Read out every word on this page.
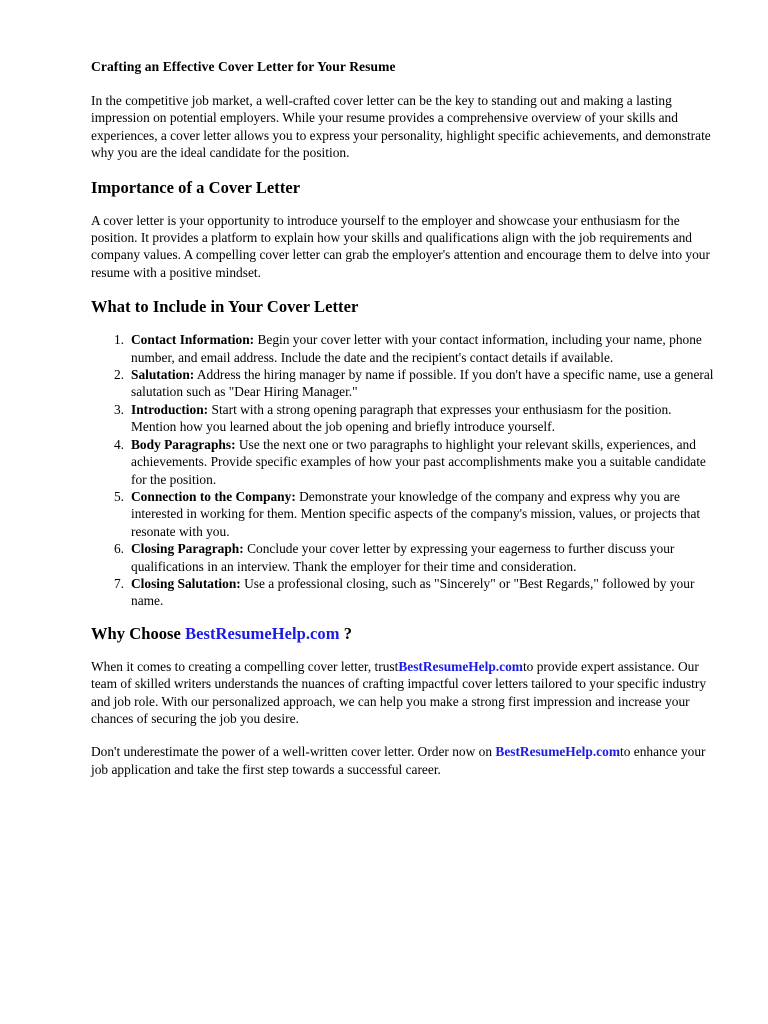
Crafting an Effective Cover Letter for Your Resume

In the competitive job market, a well-crafted cover letter can be the key to standing out and making a lasting impression on potential employers. While your resume provides a comprehensive overview of your skills and experiences, a cover letter allows you to express your personality, highlight specific achievements, and demonstrate why you are the ideal candidate for the position.

Importance of a Cover Letter

A cover letter is your opportunity to introduce yourself to the employer and showcase your enthusiasm for the position. It provides a platform to explain how your skills and qualifications align with the job requirements and company values. A compelling cover letter can grab the employer's attention and encourage them to delve into your resume with a positive mindset.

What to Include in Your Cover Letter
1. Contact Information: Begin your cover letter with your contact information, including your name, phone number, and email address. Include the date and the recipient's contact details if available.
2. Salutation: Address the hiring manager by name if possible. If you don't have a specific name, use a general salutation such as "Dear Hiring Manager."
3. Introduction: Start with a strong opening paragraph that expresses your enthusiasm for the position. Mention how you learned about the job opening and briefly introduce yourself.
4. Body Paragraphs: Use the next one or two paragraphs to highlight your relevant skills, experiences, and achievements. Provide specific examples of how your past accomplishments make you a suitable candidate for the position.
5. Connection to the Company: Demonstrate your knowledge of the company and express why you are interested in working for them. Mention specific aspects of the company's mission, values, or projects that resonate with you.
6. Closing Paragraph: Conclude your cover letter by expressing your eagerness to further discuss your qualifications in an interview. Thank the employer for their time and consideration.
7. Closing Salutation: Use a professional closing, such as "Sincerely" or "Best Regards," followed by your name.
Why Choose BestResumeHelp.com ?

When it comes to creating a compelling cover letter, trustBestResumeHelp.comto provide expert assistance. Our team of skilled writers understands the nuances of crafting impactful cover letters tailored to your specific industry and job role. With our personalized approach, we can help you make a strong first impression and increase your chances of securing the job you desire.

Don't underestimate the power of a well-written cover letter. Order now on BestResumeHelp.comto enhance your job application and take the first step towards a successful career.
